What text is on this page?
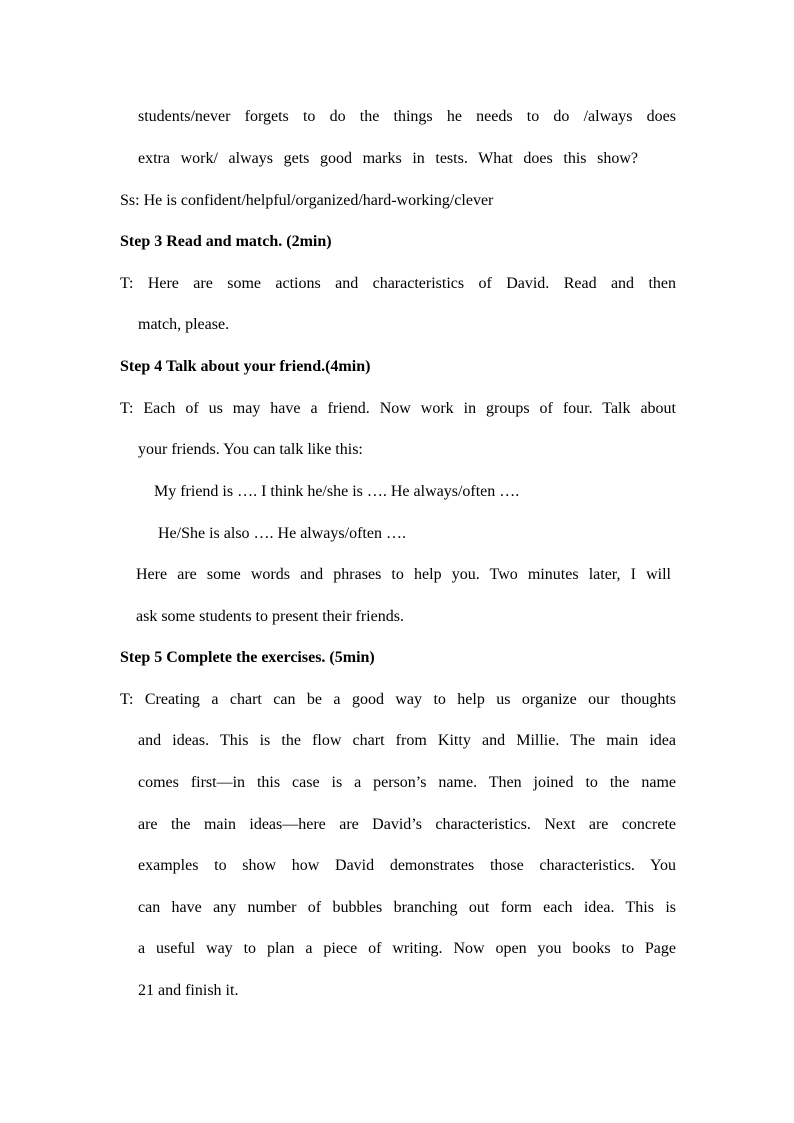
students/never forgets to do the things he needs to do /always does
extra work/ always gets good marks in tests. What does this show?
Ss: He is confident/helpful/organized/hard-working/clever
Step 3 Read and match. (2min)
T: Here are some actions and characteristics of David. Read and then
match, please.
Step 4 Talk about your friend.(4min)
T: Each of us may have a friend. Now work in groups of four. Talk about
your friends. You can talk like this:
My friend is …. I think he/she is …. He always/often ….
He/She is also …. He always/often ….
Here are some words and phrases to help you. Two minutes later, I will
ask some students to present their friends.
Step 5 Complete the exercises. (5min)
T: Creating a chart can be a good way to help us organize our thoughts
and ideas. This is the flow chart from Kitty and Millie. The main idea
comes first—in this case is a person’s name. Then joined to the name
are the main ideas—here are David’s characteristics. Next are concrete
examples to show how David demonstrates those characteristics. You
can have any number of bubbles branching out form each idea. This is
a useful way to plan a piece of writing. Now open you books to Page
21 and finish it.
